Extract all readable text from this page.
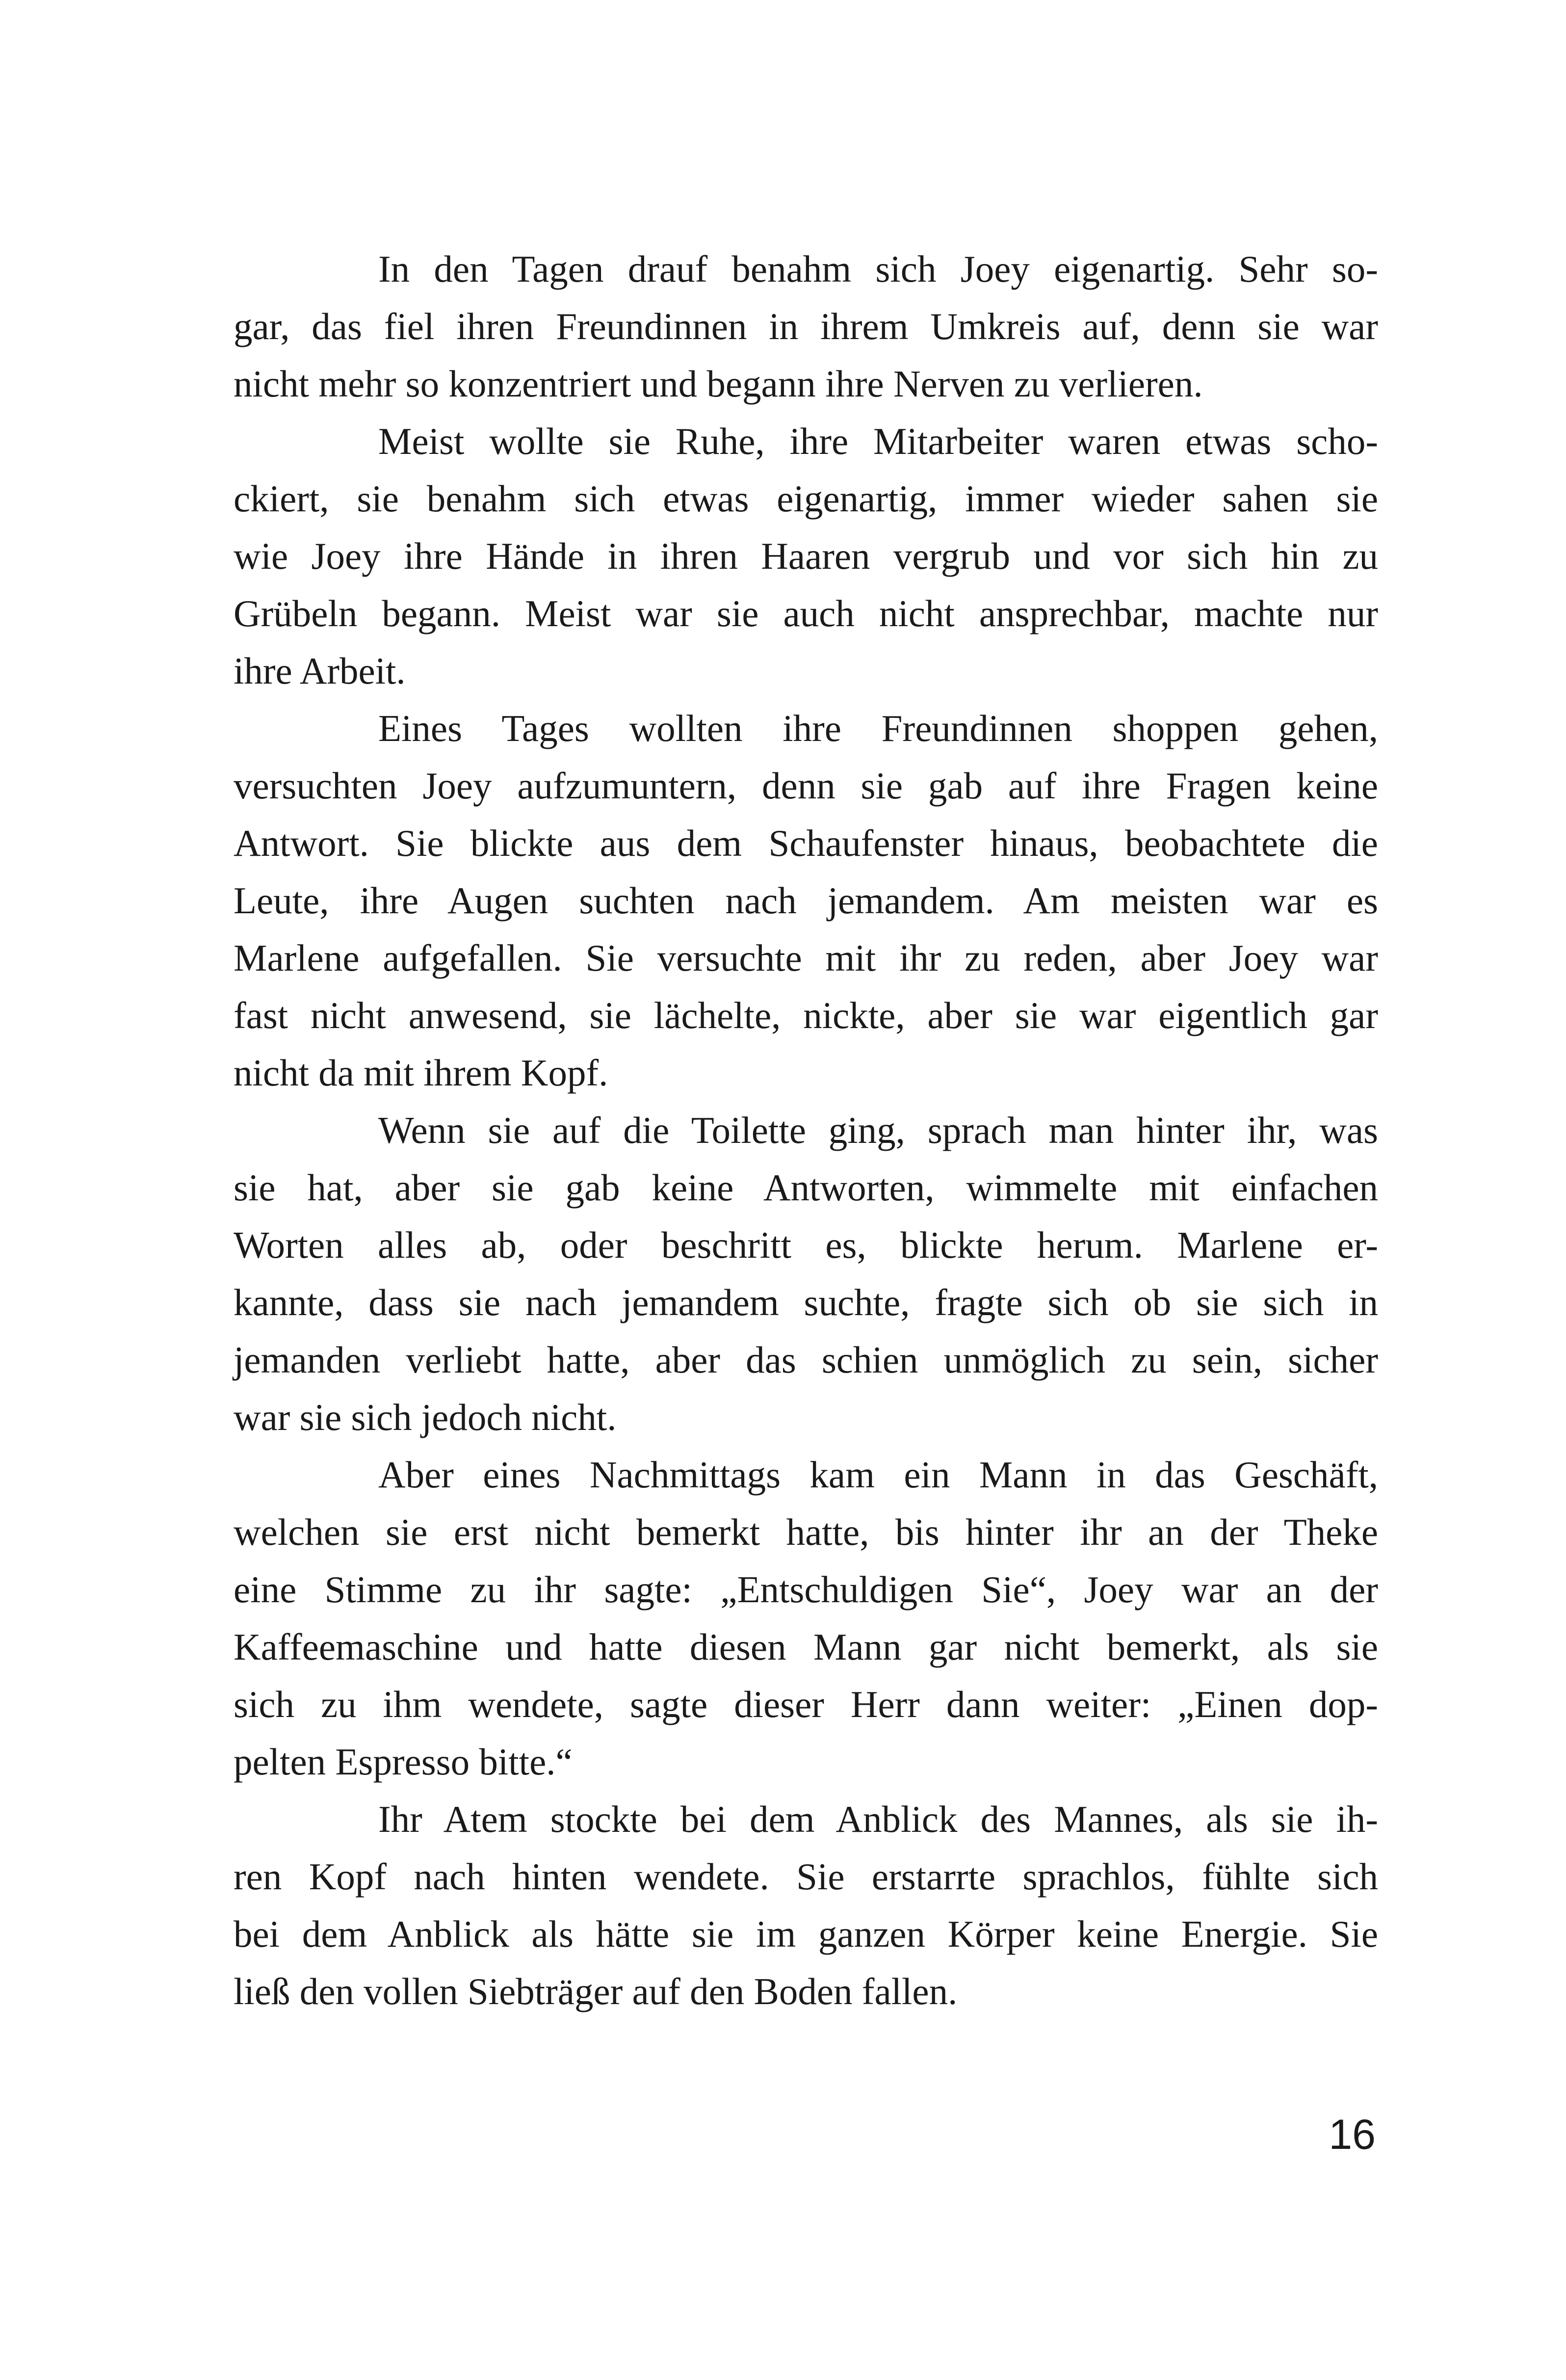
In den Tagen drauf benahm sich Joey eigenartig. Sehr so-
gar, das fiel ihren Freundinnen in ihrem Umkreis auf, denn sie war
nicht mehr so konzentriert und begann ihre Nerven zu verlieren.
Meist wollte sie Ruhe, ihre Mitarbeiter waren etwas scho-
ckiert, sie benahm sich etwas eigenartig, immer wieder sahen sie
wie Joey ihre Hände in ihren Haaren vergrub und vor sich hin zu
Grübeln begann. Meist war sie auch nicht ansprechbar, machte nur
ihre Arbeit.
Eines Tages wollten ihre Freundinnen shoppen gehen,
versuchten Joey aufzumuntern, denn sie gab auf ihre Fragen keine
Antwort. Sie blickte aus dem Schaufenster hinaus, beobachtete die
Leute, ihre Augen suchten nach jemandem. Am meisten war es
Marlene aufgefallen. Sie versuchte mit ihr zu reden, aber Joey war
fast nicht anwesend, sie lächelte, nickte, aber sie war eigentlich gar
nicht da mit ihrem Kopf.
Wenn sie auf die Toilette ging, sprach man hinter ihr, was
sie hat, aber sie gab keine Antworten, wimmelte mit einfachen
Worten alles ab, oder beschritt es, blickte herum. Marlene er-
kannte, dass sie nach jemandem suchte, fragte sich ob sie sich in
jemanden verliebt hatte, aber das schien unmöglich zu sein, sicher
war sie sich jedoch nicht.
Aber eines Nachmittags kam ein Mann in das Geschäft,
welchen sie erst nicht bemerkt hatte, bis hinter ihr an der Theke
eine Stimme zu ihr sagte: „Entschuldigen Sie“, Joey war an der
Kaffeemaschine und hatte diesen Mann gar nicht bemerkt, als sie
sich zu ihm wendete, sagte dieser Herr dann weiter: „Einen dop-
pelten Espresso bitte.“
Ihr Atem stockte bei dem Anblick des Mannes, als sie ih-
ren Kopf nach hinten wendete. Sie erstarrte sprachlos, fühlte sich
bei dem Anblick als hätte sie im ganzen Körper keine Energie. Sie
ließ den vollen Siebträger auf den Boden fallen.
16
